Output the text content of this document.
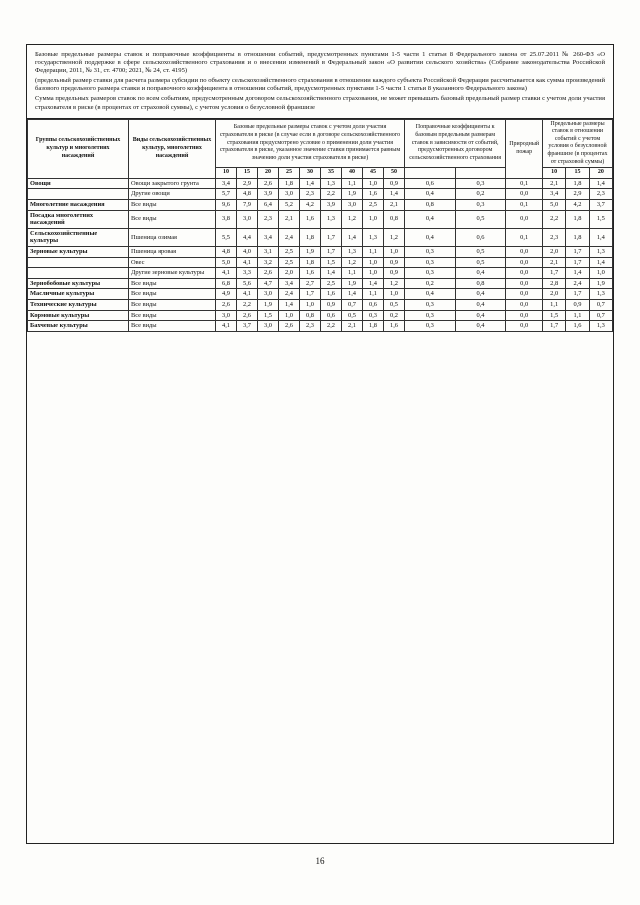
Базовые предельные размеры ставок и поправочные коэффициенты в отношении событий, предусмотренных пунктами 1-5 части 1 статьи 8 Федерального закона от 25.07.2011 № 260-ФЗ «О государственной поддержке в сфере сельскохозяйственного страхования и о внесении изменений в Федеральный закон «О развитии сельского хозяйства» (Собрание законодательства Российской Федерации, 2011, № 31, ст. 4700; 2021, № 24, ст. 4195)

(предельный размер ставки для расчета размера субсидии по объекту сельскохозяйственного страхования в отношении каждого субъекта Российской Федерации рассчитывается как сумма произведений базового предельного размера ставки и поправочного коэффициента в отношении событий, предусмотренных пунктами 1-5 части 1 статьи 8 указанного Федерального закона)

Сумма предельных размеров ставок по всем событиям, предусмотренным договором сельскохозяйственного страхования, не может превышать базовый предельный размер ставки с учетом доли участия страхователя в риске (в процентах от страховой суммы), с учетом условия о безусловной франшизе

Группы сельскохозяйственных культур и многолетних насаждений	Виды сельскохозяйственных культур, многолетних насаждений	Базовые предельные размеры ставок с учетом доли участия страхователя в риске (в случае если в договоре сельскохозяйственного страхования предусмотрено условие о применении доли участия страхователя в риске, указанное значение ставки принимается равным значению доли участия страхователя в риске)									Поправочные коэффициенты к базовым предельным размерам ставок в зависимости от событий, предусмотренных договором сельскохозяйственного страхования		Природный пожар	Предельные размеры ставок в отношении событий с учетом условия о безусловной франшизе (в процентах от страховой суммы)		
		10	15	20	25	30	35	40	45	50				10	15	20
Овощи	Овощи закрытого грунта	3,4	2,9	2,6	1,8	1,4	1,3	1,1	1,0	0,9	0,6	0,3	0,1	2,1	1,8	1,4
	Другие овощи	5,7	4,8	3,9	3,0	2,3	2,2	1,9	1,6	1,4	0,4	0,2	0,0	3,4	2,9	2,3
Многолетние насаждения	Все виды	9,6	7,9	6,4	5,2	4,2	3,9	3,0	2,5	2,1	0,8	0,3	0,1	5,0	4,2	3,7
Посадка многолетних насаждений	Все виды	3,8	3,0	2,3	2,1	1,6	1,3	1,2	1,0	0,8	0,4	0,5	0,0	2,2	1,8	1,5
Сельскохозяйственные культуры	Пшеница озимая	5,5	4,4	3,4	2,4	1,8	1,7	1,4	1,3	1,2	0,4	0,6	0,1	2,3	1,8	1,4
Зерновые культуры	Пшеница яровая	4,8	4,0	3,1	2,5	1,9	1,7	1,3	1,1	1,0	0,3	0,5	0,0	2,0	1,7	1,3
	Овес	5,0	4,1	3,2	2,5	1,8	1,5	1,2	1,0	0,9	0,3	0,5	0,0	2,1	1,7	1,4
	Другие зерновые культуры	4,1	3,3	2,6	2,0	1,6	1,4	1,1	1,0	0,9	0,3	0,4	0,0	1,7	1,4	1,0
Зернобобовые культуры	Все виды	6,8	5,6	4,7	3,4	2,7	2,5	1,9	1,4	1,2	0,2	0,8	0,0	2,8	2,4	1,9
Масличные культуры	Все виды	4,9	4,1	3,0	2,4	1,7	1,6	1,4	1,1	1,0	0,4	0,4	0,0	2,0	1,7	1,3
Технические культуры	Все виды	2,6	2,2	1,9	1,4	1,0	0,9	0,7	0,6	0,5	0,3	0,4	0,0	1,1	0,9	0,7
Кормовые культуры	Все виды	3,0	2,6	1,5	1,0	0,8	0,6	0,5	0,3	0,2	0,3	0,4	0,0	1,5	1,1	0,7
Бахчевые культуры	Все виды	4,1	3,7	3,0	2,6	2,3	2,2	2,1	1,8	1,6	0,3	0,4	0,0	1,7	1,6	1,3
16
